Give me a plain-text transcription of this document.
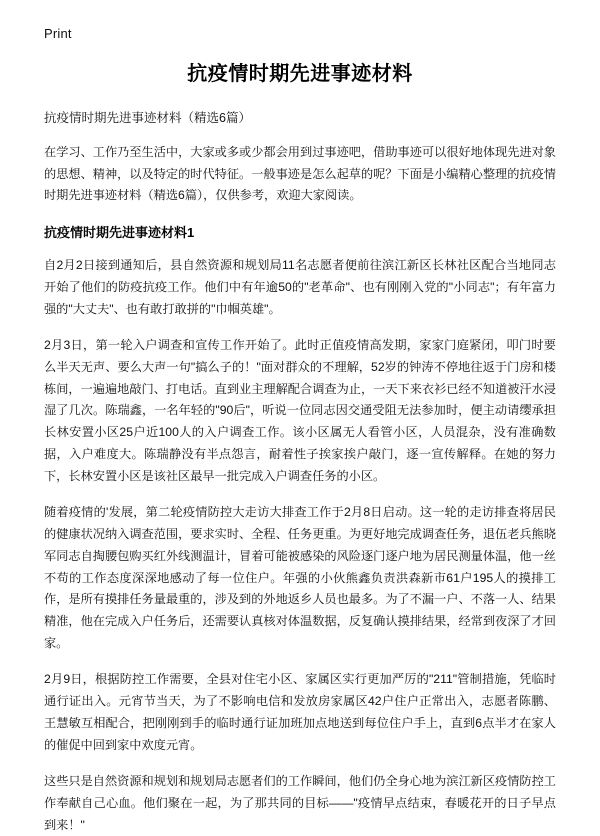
Print
抗疫情时期先进事迹材料
抗疫情时期先进事迹材料（精选6篇）

在学习、工作乃至生活中，大家或多或少都会用到过事迹吧，借助事迹可以很好地体现先进对象的思想、精神，以及特定的时代特征。一般事迹是怎么起草的呢？下面是小编精心整理的抗疫情时期先进事迹材料（精选6篇），仅供参考，欢迎大家阅读。

抗疫情时期先进事迹材料1

自2月2日接到通知后，县自然资源和规划局11名志愿者便前往滨江新区长林社区配合当地同志开始了他们的防疫抗疫工作。他们中有年逾50的"老革命"、也有刚刚入党的"小同志"；有年富力强的"大丈夫"、也有敢打敢拼的"巾帼英雄"。

2月3日，第一轮入户调查和宣传工作开始了。此时正值疫情高发期，家家门庭紧闭，叩门时要么半天无声、要么大声一句"搞么子的！"面对群众的不理解，52岁的钟涛不停地往返于门房和楼栋间，一遍遍地敲门、打电话。直到业主理解配合调查为止，一天下来衣衫已经不知道被汗水浸湿了几次。陈瑞鑫，一名年轻的"90后"，听说一位同志因交通受阻无法参加时，便主动请缨承担长林安置小区25户近100人的入户调查工作。该小区属无人看管小区，人员混杂，没有准确数据，入户难度大。陈瑞静没有半点怨言，耐着性子挨家挨户敲门，逐一宣传解释。在她的努力下，长林安置小区是该社区最早一批完成入户调查任务的小区。

随着疫情的'发展，第二轮疫情防控大走访大排查工作于2月8日启动。这一轮的走访排查将居民的健康状况纳入调查范围，要求实时、全程、任务更重。为更好地完成调查任务，退伍老兵熊晓军同志自掏腰包购买红外线测温计，冒着可能被感染的风险逐门逐户地为居民测量体温，他一丝不苟的工作态度深深地感动了每一位住户。年强的小伙熊鑫负责洪森新市61户195人的摸排工作，是所有摸排任务量最重的，涉及到的外地返乡人员也最多。为了不漏一户、不落一人、结果精准，他在完成入户任务后，还需要认真核对体温数据，反复确认摸排结果，经常到夜深了才回家。

2月9日，根据防控工作需要，全县对住宅小区、家属区实行更加严厉的"211"管制措施，凭临时通行证出入。元宵节当天，为了不影响电信和发放房家属区42户住户正常出入，志愿者陈鹏、王慧敏互相配合，把刚刚到手的临时通行证加班加点地送到每位住户手上，直到6点半才在家人的催促中回到家中欢度元宵。

这些只是自然资源和规划和规划局志愿者们的工作瞬间，他们仍全身心地为滨江新区疫情防控工作奉献自己心血。他们聚在一起，为了那共同的目标——"疫情早点结束，春暖花开的日子早点到来！"
